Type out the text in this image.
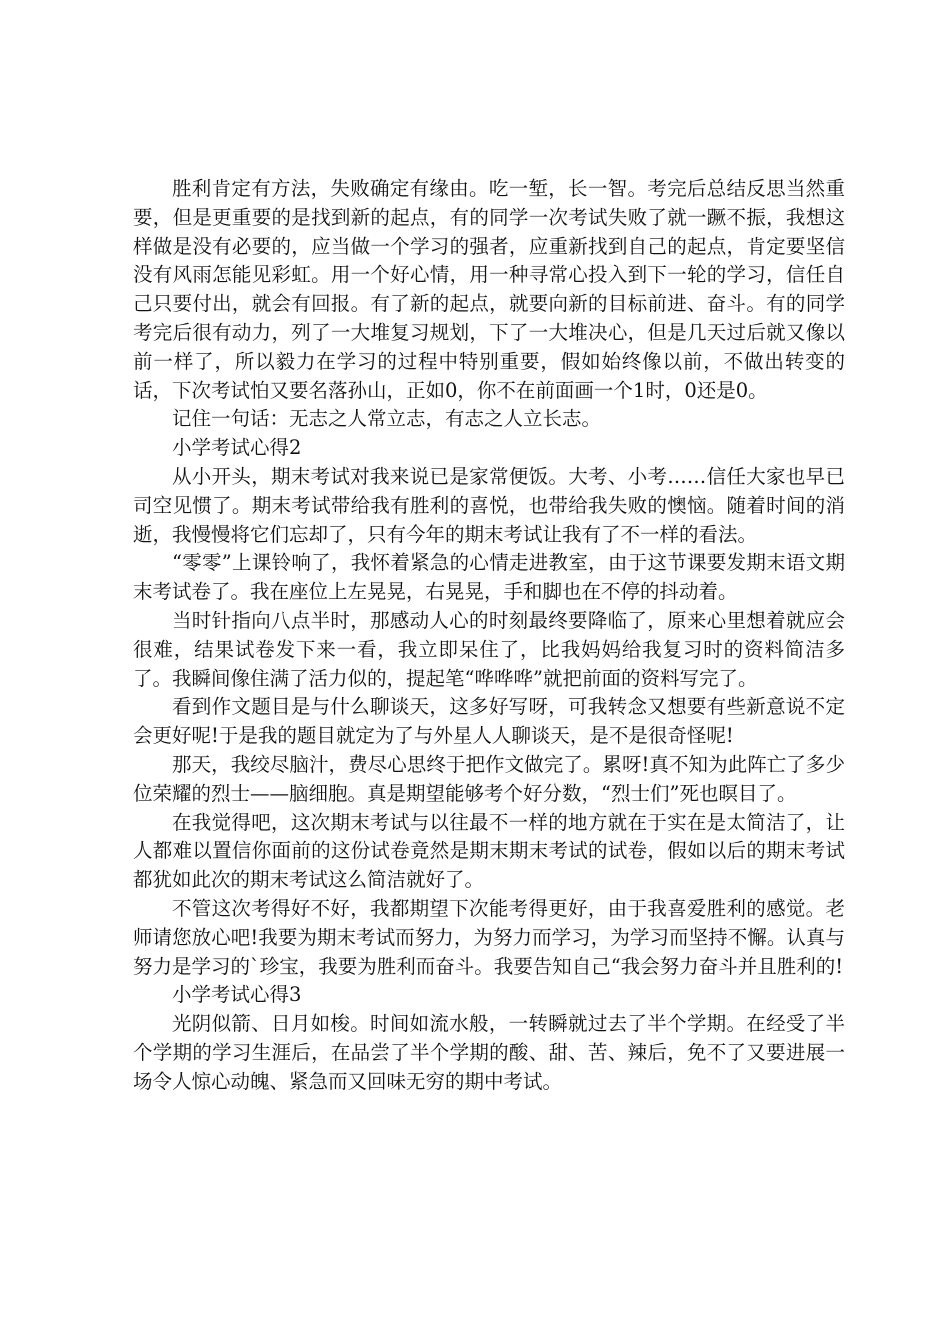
胜利肯定有方法，失败确定有缘由。吃一堑，长一智。考完后总结反思当然重要，但是更重要的是找到新的起点，有的同学一次考试失败了就一蹶不振，我想这样做是没有必要的，应当做一个学习的强者，应重新找到自己的起点，肯定要坚信没有风雨怎能见彩虹。用一个好心情，用一种寻常心投入到下一轮的学习，信任自己只要付出，就会有回报。有了新的起点，就要向新的目标前进、奋斗。有的同学考完后很有动力，列了一大堆复习规划，下了一大堆决心，但是几天过后就又像以前一样了，所以毅力在学习的过程中特别重要，假如始终像以前，不做出转变的话，下次考试怕又要名落孙山，正如0，你不在前面画一个1时，0还是0。

记住一句话：无志之人常立志，有志之人立长志。

小学考试心得2

从小开头，期末考试对我来说已是家常便饭。大考、小考……信任大家也早已司空见惯了。期末考试带给我有胜利的喜悦，也带给我失败的懊恼。随着时间的消逝，我慢慢将它们忘却了，只有今年的期末考试让我有了不一样的看法。

“零零”上课铃响了，我怀着紧急的心情走进教室，由于这节课要发期末语文期末考试卷了。我在座位上左晃晃，右晃晃，手和脚也在不停的抖动着。

当时针指向八点半时，那感动人心的时刻最终要降临了，原来心里想着就应会很难，结果试卷发下来一看，我立即呆住了，比我妈妈给我复习时的资料简洁多了。我瞬间像住满了活力似的，提起笔“哗哗哗”就把前面的资料写完了。

看到作文题目是与什么聊谈天，这多好写呀，可我转念又想要有些新意说不定会更好呢!于是我的题目就定为了与外星人人聊谈天，是不是很奇怪呢!

那天，我绞尽脑汁，费尽心思终于把作文做完了。累呀!真不知为此阵亡了多少位荣耀的烈士——脑细胞。真是期望能够考个好分数，“烈士们”死也暝目了。

在我觉得吧，这次期末考试与以往最不一样的地方就在于实在是太简洁了，让人都难以置信你面前的这份试卷竟然是期末期末考试的试卷，假如以后的期末考试都犹如此次的期末考试这么简洁就好了。

不管这次考得好不好，我都期望下次能考得更好，由于我喜爱胜利的感觉。老师请您放心吧!我要为期末考试而努力，为努力而学习，为学习而坚持不懈。认真与努力是学习的`珍宝，我要为胜利而奋斗。我要告知自己“我会努力奋斗并且胜利的!

小学考试心得3

光阴似箭、日月如梭。时间如流水般，一转瞬就过去了半个学期。在经受了半个学期的学习生涯后，在品尝了半个学期的酸、甜、苦、辣后，免不了又要进展一场令人惊心动魄、紧急而又回味无穷的期中考试。
